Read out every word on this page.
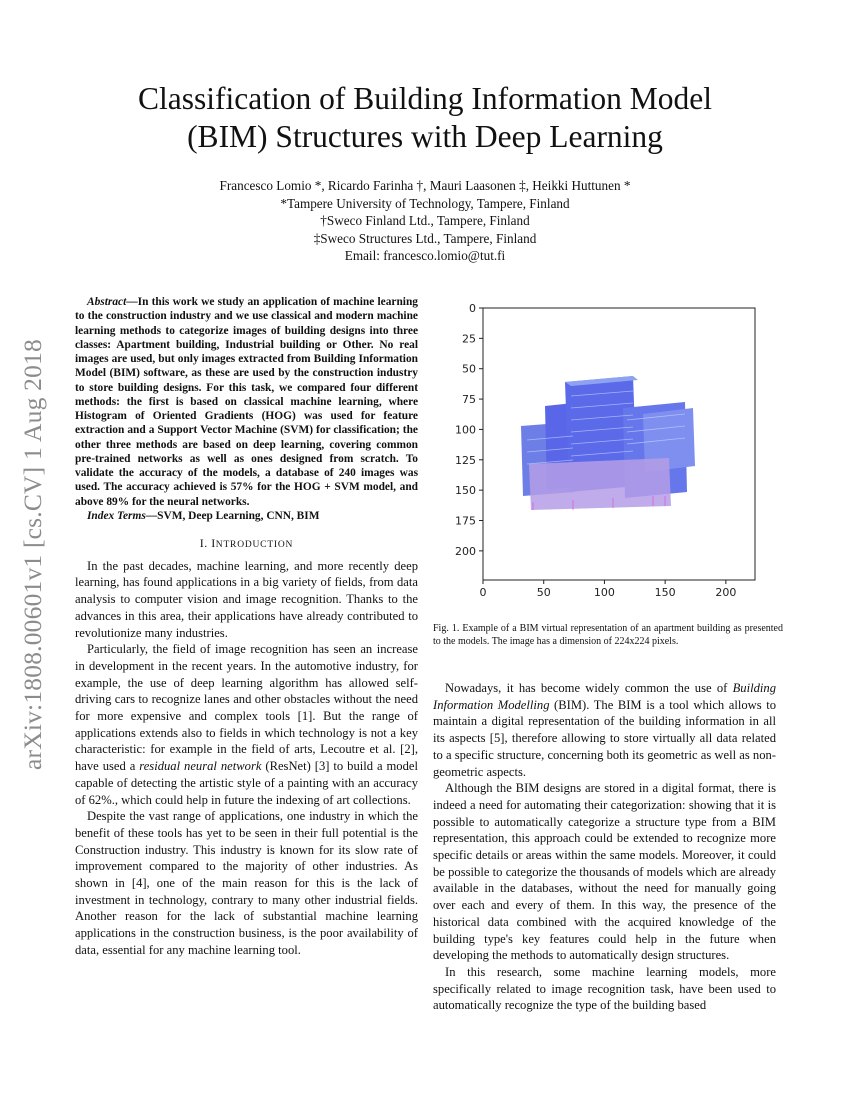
arXiv:1808.00601v1 [cs.CV] 1 Aug 2018
Classification of Building Information Model
(BIM) Structures with Deep Learning
Francesco Lomio *, Ricardo Farinha †, Mauri Laasonen ‡, Heikki Huttunen *
*Tampere University of Technology, Tampere, Finland
†Sweco Finland Ltd., Tampere, Finland
‡Sweco Structures Ltd., Tampere, Finland
Email: francesco.lomio@tut.fi

Abstract—In this work we study an application of machine learning to the construction industry and we use classical and modern machine learning methods to categorize images of building designs into three classes: Apartment building, Industrial building or Other. No real images are used, but only images extracted from Building Information Model (BIM) software, as these are used by the construction industry to store building designs. For this task, we compared four different methods: the first is based on classical machine learning, where Histogram of Oriented Gradients (HOG) was used for feature extraction and a Support Vector Machine (SVM) for classification; the other three methods are based on deep learning, covering common pre-trained networks as well as ones designed from scratch. To validate the accuracy of the models, a database of 240 images was used. The accuracy achieved is 57% for the HOG + SVM model, and above 89% for the neural networks.

Index Terms—SVM, Deep Learning, CNN, BIM

I. INTRODUCTION

In the past decades, machine learning, and more recently deep learning, has found applications in a big variety of fields, from data analysis to computer vision and image recognition. Thanks to the advances in this area, their applications have already contributed to revolutionize many industries.

Particularly, the field of image recognition has seen an increase in development in the recent years. In the automotive industry, for example, the use of deep learning algorithm has allowed self-driving cars to recognize lanes and other obstacles without the need for more expensive and complex tools [1]. But the range of applications extends also to fields in which technology is not a key characteristic: for example in the field of arts, Lecoutre et al. [2], have used a residual neural network (ResNet) [3] to build a model capable of detecting the artistic style of a painting with an accuracy of 62%., which could help in future the indexing of art collections.

Despite the vast range of applications, one industry in which the benefit of these tools has yet to be seen in their full potential is the Construction industry. This industry is known for its slow rate of improvement compared to the majority of other industries. As shown in [4], one of the main reason for this is the lack of investment in technology, contrary to many other industrial fields. Another reason for the lack of substantial machine learning applications in the construction business, is the poor availability of data, essential for any machine learning tool.

0
25
50
75
100
125
150
175
200
0	50	100	150	200
Fig. 1. Example of a BIM virtual representation of an apartment building as presented to the models. The image has a dimension of 224x224 pixels.

Nowadays, it has become widely common the use of Building Information Modelling (BIM). The BIM is a tool which allows to maintain a digital representation of the building information in all its aspects [5], therefore allowing to store virtually all data related to a specific structure, concerning both its geometric as well as non-geometric aspects.

Although the BIM designs are stored in a digital format, there is indeed a need for automating their categorization: showing that it is possible to automatically categorize a structure type from a BIM representation, this approach could be extended to recognize more specific details or areas within the same models. Moreover, it could be possible to categorize the thousands of models which are already available in the databases, without the need for manually going over each and every of them. In this way, the presence of the historical data combined with the acquired knowledge of the building type's key features could help in the future when developing the methods to automatically design structures.

In this research, some machine learning models, more specifically related to image recognition task, have been used to automatically recognize the type of the building based
